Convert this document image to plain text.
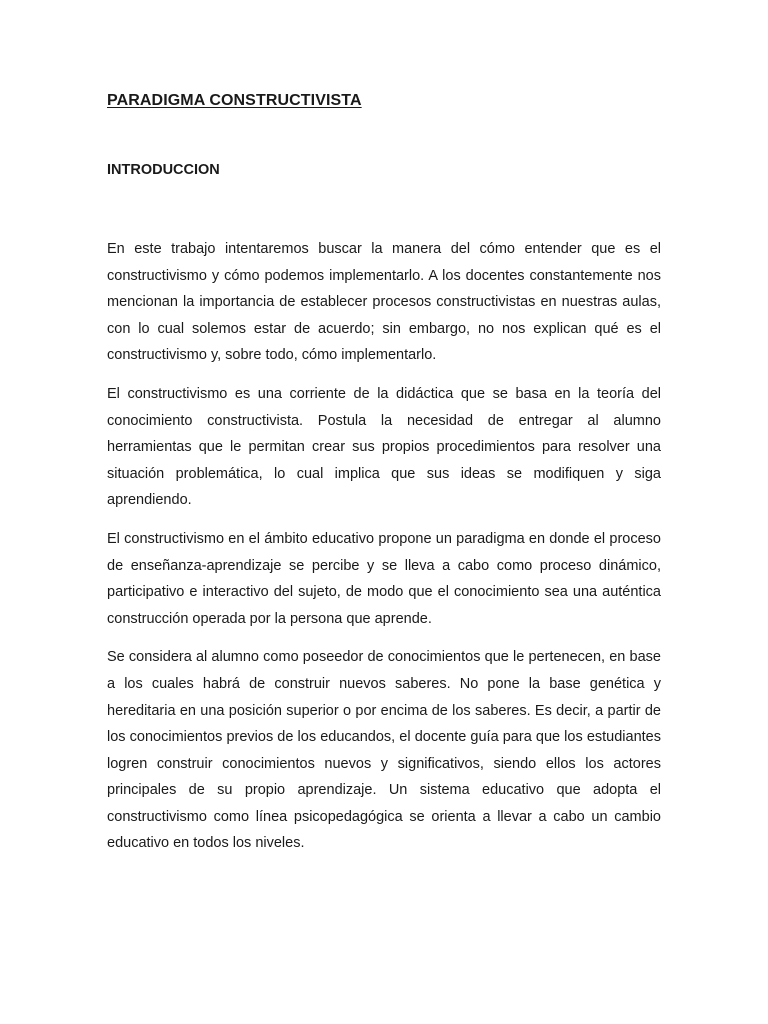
PARADIGMA CONSTRUCTIVISTA
INTRODUCCION

En este trabajo intentaremos buscar la manera del cómo entender que es el constructivismo y cómo podemos implementarlo. A los docentes constantemente nos mencionan la importancia de establecer procesos constructivistas en nuestras aulas, con lo cual solemos estar de acuerdo; sin embargo, no nos explican qué es el constructivismo y, sobre todo, cómo implementarlo.

El constructivismo es una corriente de la didáctica que se basa en la teoría del conocimiento constructivista. Postula la necesidad de entregar al alumno herramientas que le permitan crear sus propios procedimientos para resolver una situación problemática, lo cual implica que sus ideas se modifiquen y siga aprendiendo.

El constructivismo en el ámbito educativo propone un paradigma en donde el proceso de enseñanza-aprendizaje se percibe y se lleva a cabo como proceso dinámico, participativo e interactivo del sujeto, de modo que el conocimiento sea una auténtica construcción operada por la persona que aprende.

Se considera al alumno como poseedor de conocimientos que le pertenecen, en base a los cuales habrá de construir nuevos saberes. No pone la base genética y hereditaria en una posición superior o por encima de los saberes. Es decir, a partir de los conocimientos previos de los educandos, el docente guía para que los estudiantes logren construir conocimientos nuevos y significativos, siendo ellos los actores principales de su propio aprendizaje. Un sistema educativo que adopta el constructivismo como línea psicopedagógica se orienta a llevar a cabo un cambio educativo en todos los niveles.
